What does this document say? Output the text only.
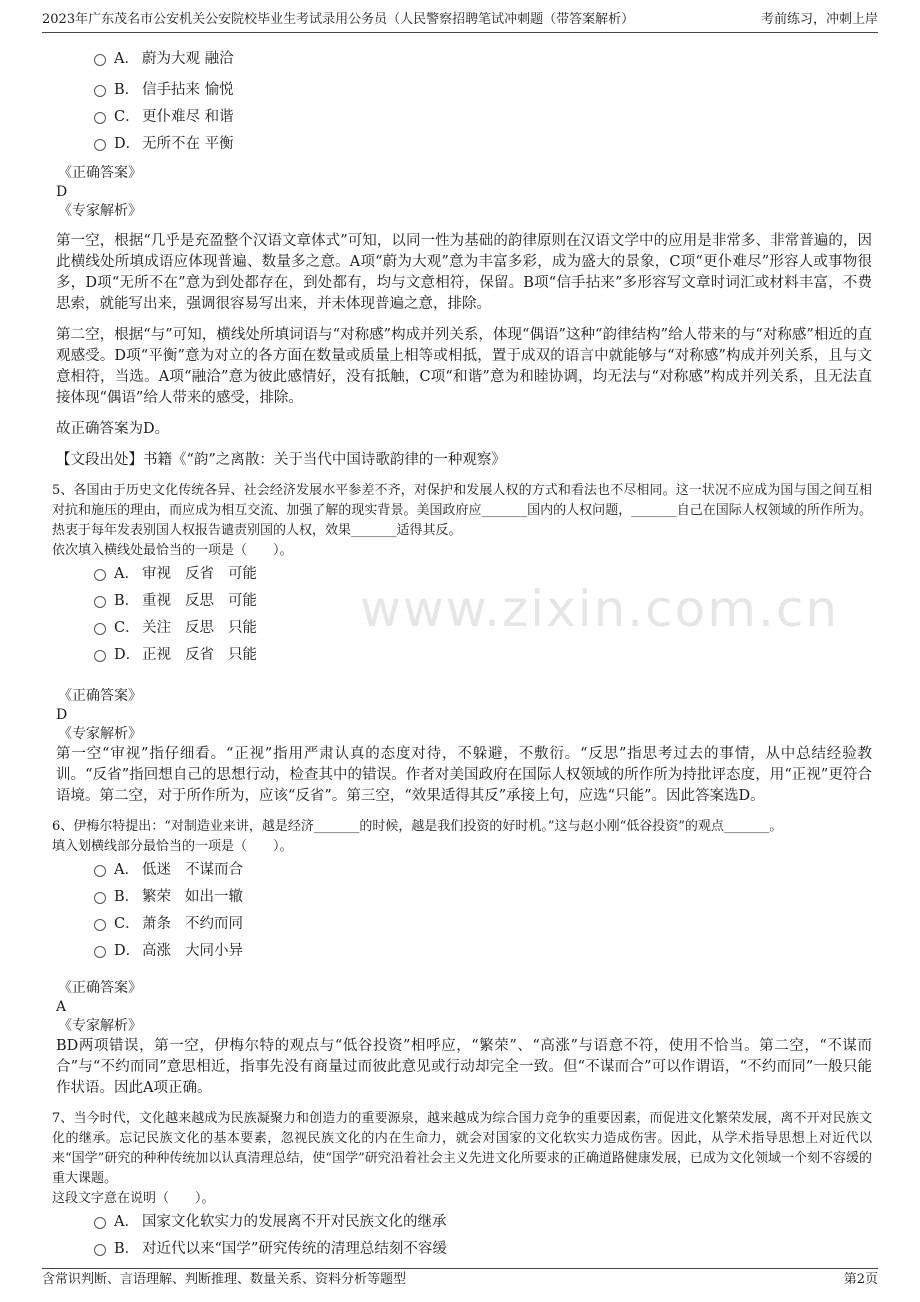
2023年广东茂名市公安机关公安院校毕业生考试录用公务员（人民警察招聘笔试冲刺题（带答案解析）	考前练习，冲刺上岸
www.zixin.com.cn
A． 蔚为大观 融洽
B． 信手拈来 愉悦
C． 更仆难尽 和谐
D． 无所不在 平衡
《正确答案》
D
《专家解析》
第一空，根据“几乎是充盈整个汉语文章体式”可知，以同一性为基础的韵律原则在汉语文学中的应用是非常多、非常普遍的，因此横线处所填成语应体现普遍、数量多之意。A项“蔚为大观”意为丰富多彩，成为盛大的景象，C项“更仆难尽”形容人或事物很多，D项“无所不在”意为到处都存在，到处都有，均与文意相符，保留。B项“信手拈来”多形容写文章时词汇或材料丰富，不费思索，就能写出来，强调很容易写出来，并未体现普遍之意，排除。
第二空，根据“与”可知，横线处所填词语与“对称感”构成并列关系，体现“偶语”这种“韵律结构”给人带来的与“对称感”相近的直观感受。D项“平衡”意为对立的各方面在数量或质量上相等或相抵，置于成双的语言中就能够与“对称感”构成并列关系，且与文意相符，当选。A项“融洽”意为彼此感情好，没有抵触，C项“和谐”意为和睦协调，均无法与“对称感”构成并列关系，且无法直接体现“偶语”给人带来的感受，排除。
故正确答案为D。
【文段出处】书籍《“韵”之离散：关于当代中国诗歌韵律的一种观察》
5、各国由于历史文化传统各异、社会经济发展水平参差不齐，对保护和发展人权的方式和看法也不尽相同。这一状况不应成为国与国之间互相对抗和施压的理由，而应成为相互交流、加强了解的现实背景。美国政府应_______国内的人权问题，_______自己在国际人权领域的所作所为。热衷于每年发表别国人权报告谴责别国的人权，效果_______适得其反。
依次填入横线处最恰当的一项是（　　）。
A． 审视 反省 可能
B． 重视 反思 可能
C． 关注 反思 只能
D． 正视 反省 只能
《正确答案》
D
《专家解析》
第一空“审视”指仔细看。“正视”指用严肃认真的态度对待，不躲避，不敷衍。“反思”指思考过去的事情，从中总结经验教训。“反省”指回想自己的思想行动，检查其中的错误。作者对美国政府在国际人权领域的所作所为持批评态度，用“正视”更符合语境。第二空，对于所作所为，应该“反省”。第三空，“效果适得其反”承接上句，应选“只能”。因此答案选D。
6、伊梅尔特提出：“对制造业来讲，越是经济_______的时候，越是我们投资的好时机。”这与赵小刚“低谷投资”的观点_______。
填入划横线部分最恰当的一项是（　　）。
A． 低迷 不谋而合
B． 繁荣 如出一辙
C． 萧条 不约而同
D． 高涨 大同小异
《正确答案》
A
《专家解析》
BD两项错误，第一空，伊梅尔特的观点与“低谷投资”相呼应，“繁荣”、“高涨”与语意不符，使用不恰当。第二空，“不谋而合”与“不约而同”意思相近，指事先没有商量过而彼此意见或行动却完全一致。但“不谋而合”可以作谓语，“不约而同”一般只能作状语。因此A项正确。
7、当今时代，文化越来越成为民族凝聚力和创造力的重要源泉，越来越成为综合国力竞争的重要因素，而促进文化繁荣发展，离不开对民族文化的继承。忘记民族文化的基本要素，忽视民族文化的内在生命力，就会对国家的文化软实力造成伤害。因此，从学术指导思想上对近代以来“国学”研究的种种传统加以认真清理总结，使“国学”研究沿着社会主义先进文化所要求的正确道路健康发展，已成为文化领域一个刻不容缓的重大课题。
这段文字意在说明（　　）。
A． 国家文化软实力的发展离不开对民族文化的继承
B． 对近代以来“国学”研究传统的清理总结刻不容缓
含常识判断、言语理解、判断推理、数量关系、资料分析等题型	第2页
